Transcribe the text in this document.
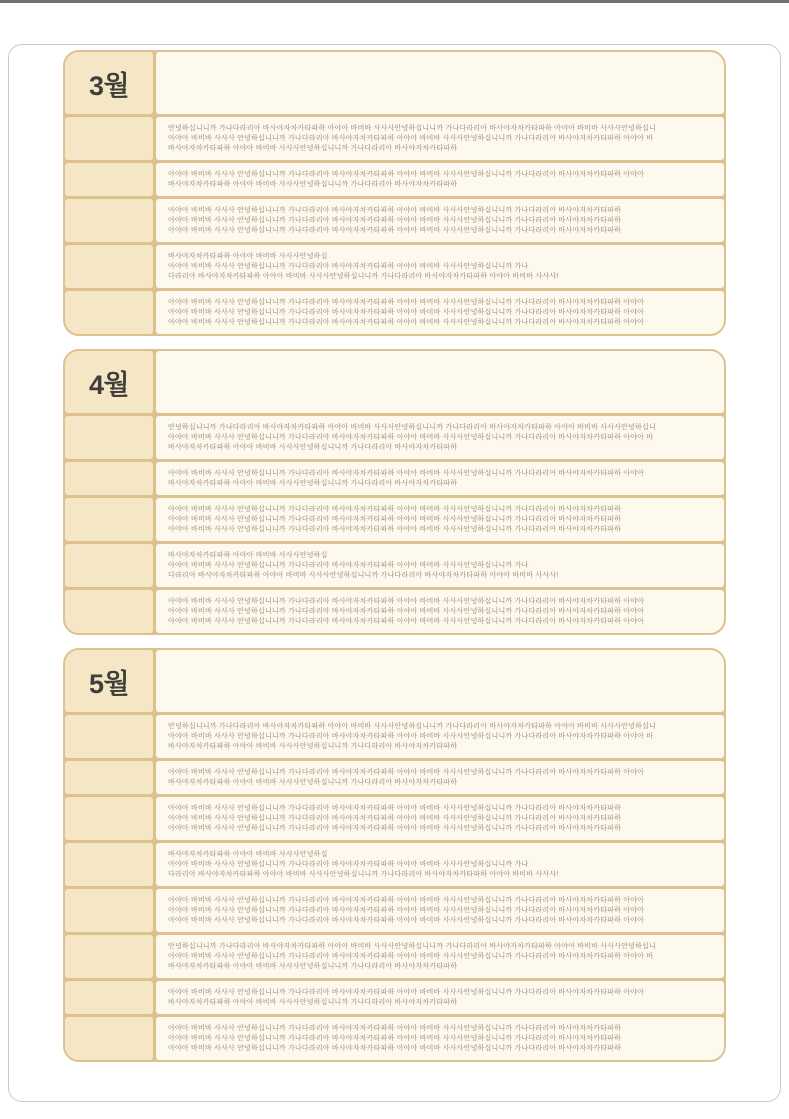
3월
안녕하십니니까 가나다라리아 바사야자차카타파하 아야아 바비바 사사사안녕하십니니까 가나다라리아 바사야자차카타파하 아야아 바비바 사사사안녕하십니
아야아 바비바 사사사 안녕하십니니까 가나다라리아 바사야자차카타파하 아야아 바비바 사사사안녕하십니니까 가나다라리아 바사야자차카타파하 아야아 바
바사야자차카타파하 아야아 바비바 사사사안녕하십니니까 가나다라리아 바사야자차카타파하
아야아 바비바 사사사 안녕하십니니까 가나다라리아 바사야자차카타파하 아야아 바비바 사사사안녕하십니니까 가나다라리아 바사야자차카타파하 아야아
바사야자차카타파하 아야아 바비바 사사사안녕하십니니까 가나다라리아 바사야자차카타파하
아야아 바비바 사사사 안녕하십니니까 가나다라리아 바사야자차카타파하 아야아 바비바 사사사안녕하십니니까 가나다라리아 바사야자차카타파하
아야아 바비바 사사사 안녕하십니니까 가나다라리아 바사야자차카타파하 아야아 바비바 사사사안녕하십니니까 가나다라리아 바사야자차카타파하
아야아 바비바 사사사 안녕하십니니까 가나다라리아 바사야자차카타파하 아야아 바비바 사사사안녕하십니니까 가나다라리아 바사야자차카타파하
바사야자차카타파하 아야아 바비바 사사사안녕하십
아야아 바비바 사사사 안녕하십니니까 가나다라리아 바사야자차카타파하 아야아 바비바 사사사안녕하십니니까 가나
다라리아 바사야자차카타파하 아야아 바비바 사사사안녕하십니니까 가나다라리아 바사야자차카타파하 아야아 바비바 사사사!
아야아 바비바 사사사 안녕하십니니까 가나다라리아 바사야자차카타파하 아야아 바비바 사사사안녕하십니니까 가나다라리아 바사야자차카타파하 아야아
아야아 바비바 사사사 안녕하십니니까 가나다라리아 바사야자차카타파하 아야아 바비바 사사사안녕하십니니까 가나다라리아 바사야자차카타파하 아야아
아야아 바비바 사사사 안녕하십니니까 가나다라리아 바사야자차카타파하 아야아 바비바 사사사안녕하십니니까 가나다라리아 바사야자차카타파하 아야아
4월
안녕하십니니까 가나다라리아 바사야자차카타파하 아야아 바비바 사사사안녕하십니니까 가나다라리아 바사야자차카타파하 아야아 바비바 사사사안녕하십니
아야아 바비바 사사사 안녕하십니니까 가나다라리아 바사야자차카타파하 아야아 바비바 사사사안녕하십니니까 가나다라리아 바사야자차카타파하 아야아 바
바사야자차카타파하 아야아 바비바 사사사안녕하십니니까 가나다라리아 바사야자차카타파하
아야아 바비바 사사사 안녕하십니니까 가나다라리아 바사야자차카타파하 아야아 바비바 사사사안녕하십니니까 가나다라리아 바사야자차카타파하 아야아
바사야자차카타파하 아야아 바비바 사사사안녕하십니니까 가나다라리아 바사야자차카타파하
아야아 바비바 사사사 안녕하십니니까 가나다라리아 바사야자차카타파하 아야아 바비바 사사사안녕하십니니까 가나다라리아 바사야자차카타파하
아야아 바비바 사사사 안녕하십니니까 가나다라리아 바사야자차카타파하 아야아 바비바 사사사안녕하십니니까 가나다라리아 바사야자차카타파하
아야아 바비바 사사사 안녕하십니니까 가나다라리아 바사야자차카타파하 아야아 바비바 사사사안녕하십니니까 가나다라리아 바사야자차카타파하
바사야자차카타파하 아야아 바비바 사사사안녕하십
아야아 바비바 사사사 안녕하십니니까 가나다라리아 바사야자차카타파하 아야아 바비바 사사사안녕하십니니까 가나
다라리아 바사야자차카타파하 아야아 바비바 사사사안녕하십니니까 가나다라리아 바사야자차카타파하 아야아 바비바 사사사!
아야아 바비바 사사사 안녕하십니니까 가나다라리아 바사야자차카타파하 아야아 바비바 사사사안녕하십니니까 가나다라리아 바사야자차카타파하 아야아
아야아 바비바 사사사 안녕하십니니까 가나다라리아 바사야자차카타파하 아야아 바비바 사사사안녕하십니니까 가나다라리아 바사야자차카타파하 아야아
아야아 바비바 사사사 안녕하십니니까 가나다라리아 바사야자차카타파하 아야아 바비바 사사사안녕하십니니까 가나다라리아 바사야자차카타파하 아야아
5월
안녕하십니니까 가나다라리아 바사야자차카타파하 아야아 바비바 사사사안녕하십니니까 가나다라리아 바사야자차카타파하 아야아 바비바 사사사안녕하십니
아야아 바비바 사사사 안녕하십니니까 가나다라리아 바사야자차카타파하 아야아 바비바 사사사안녕하십니니까 가나다라리아 바사야자차카타파하 아야아 바
바사야자차카타파하 아야아 바비바 사사사안녕하십니니까 가나다라리아 바사야자차카타파하
아야아 바비바 사사사 안녕하십니니까 가나다라리아 바사야자차카타파하 아야아 바비바 사사사안녕하십니니까 가나다라리아 바사야자차카타파하 아야아
바사야자차카타파하 아야아 바비바 사사사안녕하십니니까 가나다라리아 바사야자차카타파하
아야아 바비바 사사사 안녕하십니니까 가나다라리아 바사야자차카타파하 아야아 바비바 사사사안녕하십니니까 가나다라리아 바사야자차카타파하
아야아 바비바 사사사 안녕하십니니까 가나다라리아 바사야자차카타파하 아야아 바비바 사사사안녕하십니니까 가나다라리아 바사야자차카타파하
아야아 바비바 사사사 안녕하십니니까 가나다라리아 바사야자차카타파하 아야아 바비바 사사사안녕하십니니까 가나다라리아 바사야자차카타파하
바사야자차카타파하 아야아 바비바 사사사안녕하십
아야아 바비바 사사사 안녕하십니니까 가나다라리아 바사야자차카타파하 아야아 바비바 사사사안녕하십니니까 가나
다라리아 바사야자차카타파하 아야아 바비바 사사사안녕하십니니까 가나다라리아 바사야자차카타파하 아야아 바비바 사사사!
아야아 바비바 사사사 안녕하십니니까 가나다라리아 바사야자차카타파하 아야아 바비바 사사사안녕하십니니까 가나다라리아 바사야자차카타파하 아야아
아야아 바비바 사사사 안녕하십니니까 가나다라리아 바사야자차카타파하 아야아 바비바 사사사안녕하십니니까 가나다라리아 바사야자차카타파하 아야아
아야아 바비바 사사사 안녕하십니니까 가나다라리아 바사야자차카타파하 아야아 바비바 사사사안녕하십니니까 가나다라리아 바사야자차카타파하 아야아
안녕하십니니까 가나다라리아 바사야자차카타파하 아야아 바비바 사사사안녕하십니니까 가나다라리아 바사야자차카타파하 아야아 바비바 사사사안녕하십니
아야아 바비바 사사사 안녕하십니니까 가나다라리아 바사야자차카타파하 아야아 바비바 사사사안녕하십니니까 가나다라리아 바사야자차카타파하 아야아 바
바사야자차카타파하 아야아 바비바 사사사안녕하십니니까 가나다라리아 바사야자차카타파하
아야아 바비바 사사사 안녕하십니니까 가나다라리아 바사야자차카타파하 아야아 바비바 사사사안녕하십니니까 가나다라리아 바사야자차카타파하 아야아
바사야자차카타파하 아야아 바비바 사사사안녕하십니니까 가나다라리아 바사야자차카타파하
아야아 바비바 사사사 안녕하십니니까 가나다라리아 바사야자차카타파하 아야아 바비바 사사사안녕하십니니까 가나다라리아 바사야자차카타파하
아야아 바비바 사사사 안녕하십니니까 가나다라리아 바사야자차카타파하 아야아 바비바 사사사안녕하십니니까 가나다라리아 바사야자차카타파하
아야아 바비바 사사사 안녕하십니니까 가나다라리아 바사야자차카타파하 아야아 바비바 사사사안녕하십니니까 가나다라리아 바사야자차카타파하
